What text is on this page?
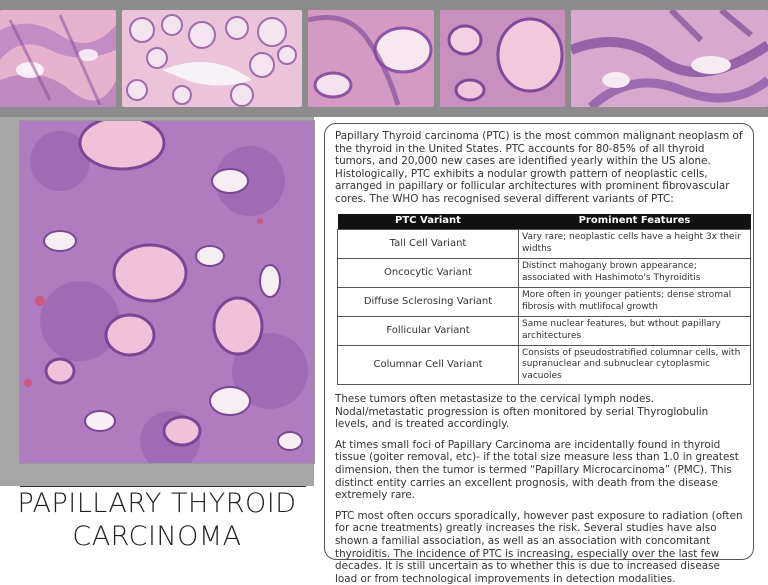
PAPILLARY THYROID
CARCINOMA

Papillary Thyroid carcinoma (PTC) is the most common malignant neoplasm of the thyroid in the United States. PTC accounts for 80-85% of all thyroid tumors, and 20,000 new cases are identified yearly within the US alone. Histologically, PTC exhibits a nodular growth pattern of neoplastic cells, arranged in papillary or follicular architectures with prominent fibrovascular cores. The WHO has recognised several different variants of PTC:

PTC Variant	Prominent Features
Tall Cell Variant	Vary rare; neoplastic cells have a height 3x their widths
Oncocytic Variant	Distinct mahogany brown appearance; associated with Hashimoto's Thyroiditis
Diffuse Sclerosing Variant	More often in younger patients; dense stromal fibrosis with mutlifocal growth
Follicular Variant	Same nuclear features, but wthout papillary architectures
Columnar Cell Variant	Consists of pseudostratified columnar cells, with supranuclear and subnuclear cytoplasmic vacuoles

These tumors often metastasize to the cervical lymph nodes. Nodal/metastatic progression is often monitored by serial Thyroglobulin levels, and is treated accordingly.

At times small foci of Papillary Carcinoma are incidentally found in thyroid tissue (goiter removal, etc)- if the total size measure less than 1.0 in greatest dimension, then the tumor is termed “Papillary Microcarcinoma” (PMC). This distinct entity carries an excellent prognosis, with death from the disease extremely rare.

PTC most often occurs sporadically, however past exposure to radiation (often for acne treatments) greatly increases the risk. Several studies have also shown a familial association, as well as an association with concomitant thyroiditis. The incidence of PTC is increasing, especially over the last few decades. It is still uncertain as to whether this is due to increased disease load or from technological improvements in detection modalities.
